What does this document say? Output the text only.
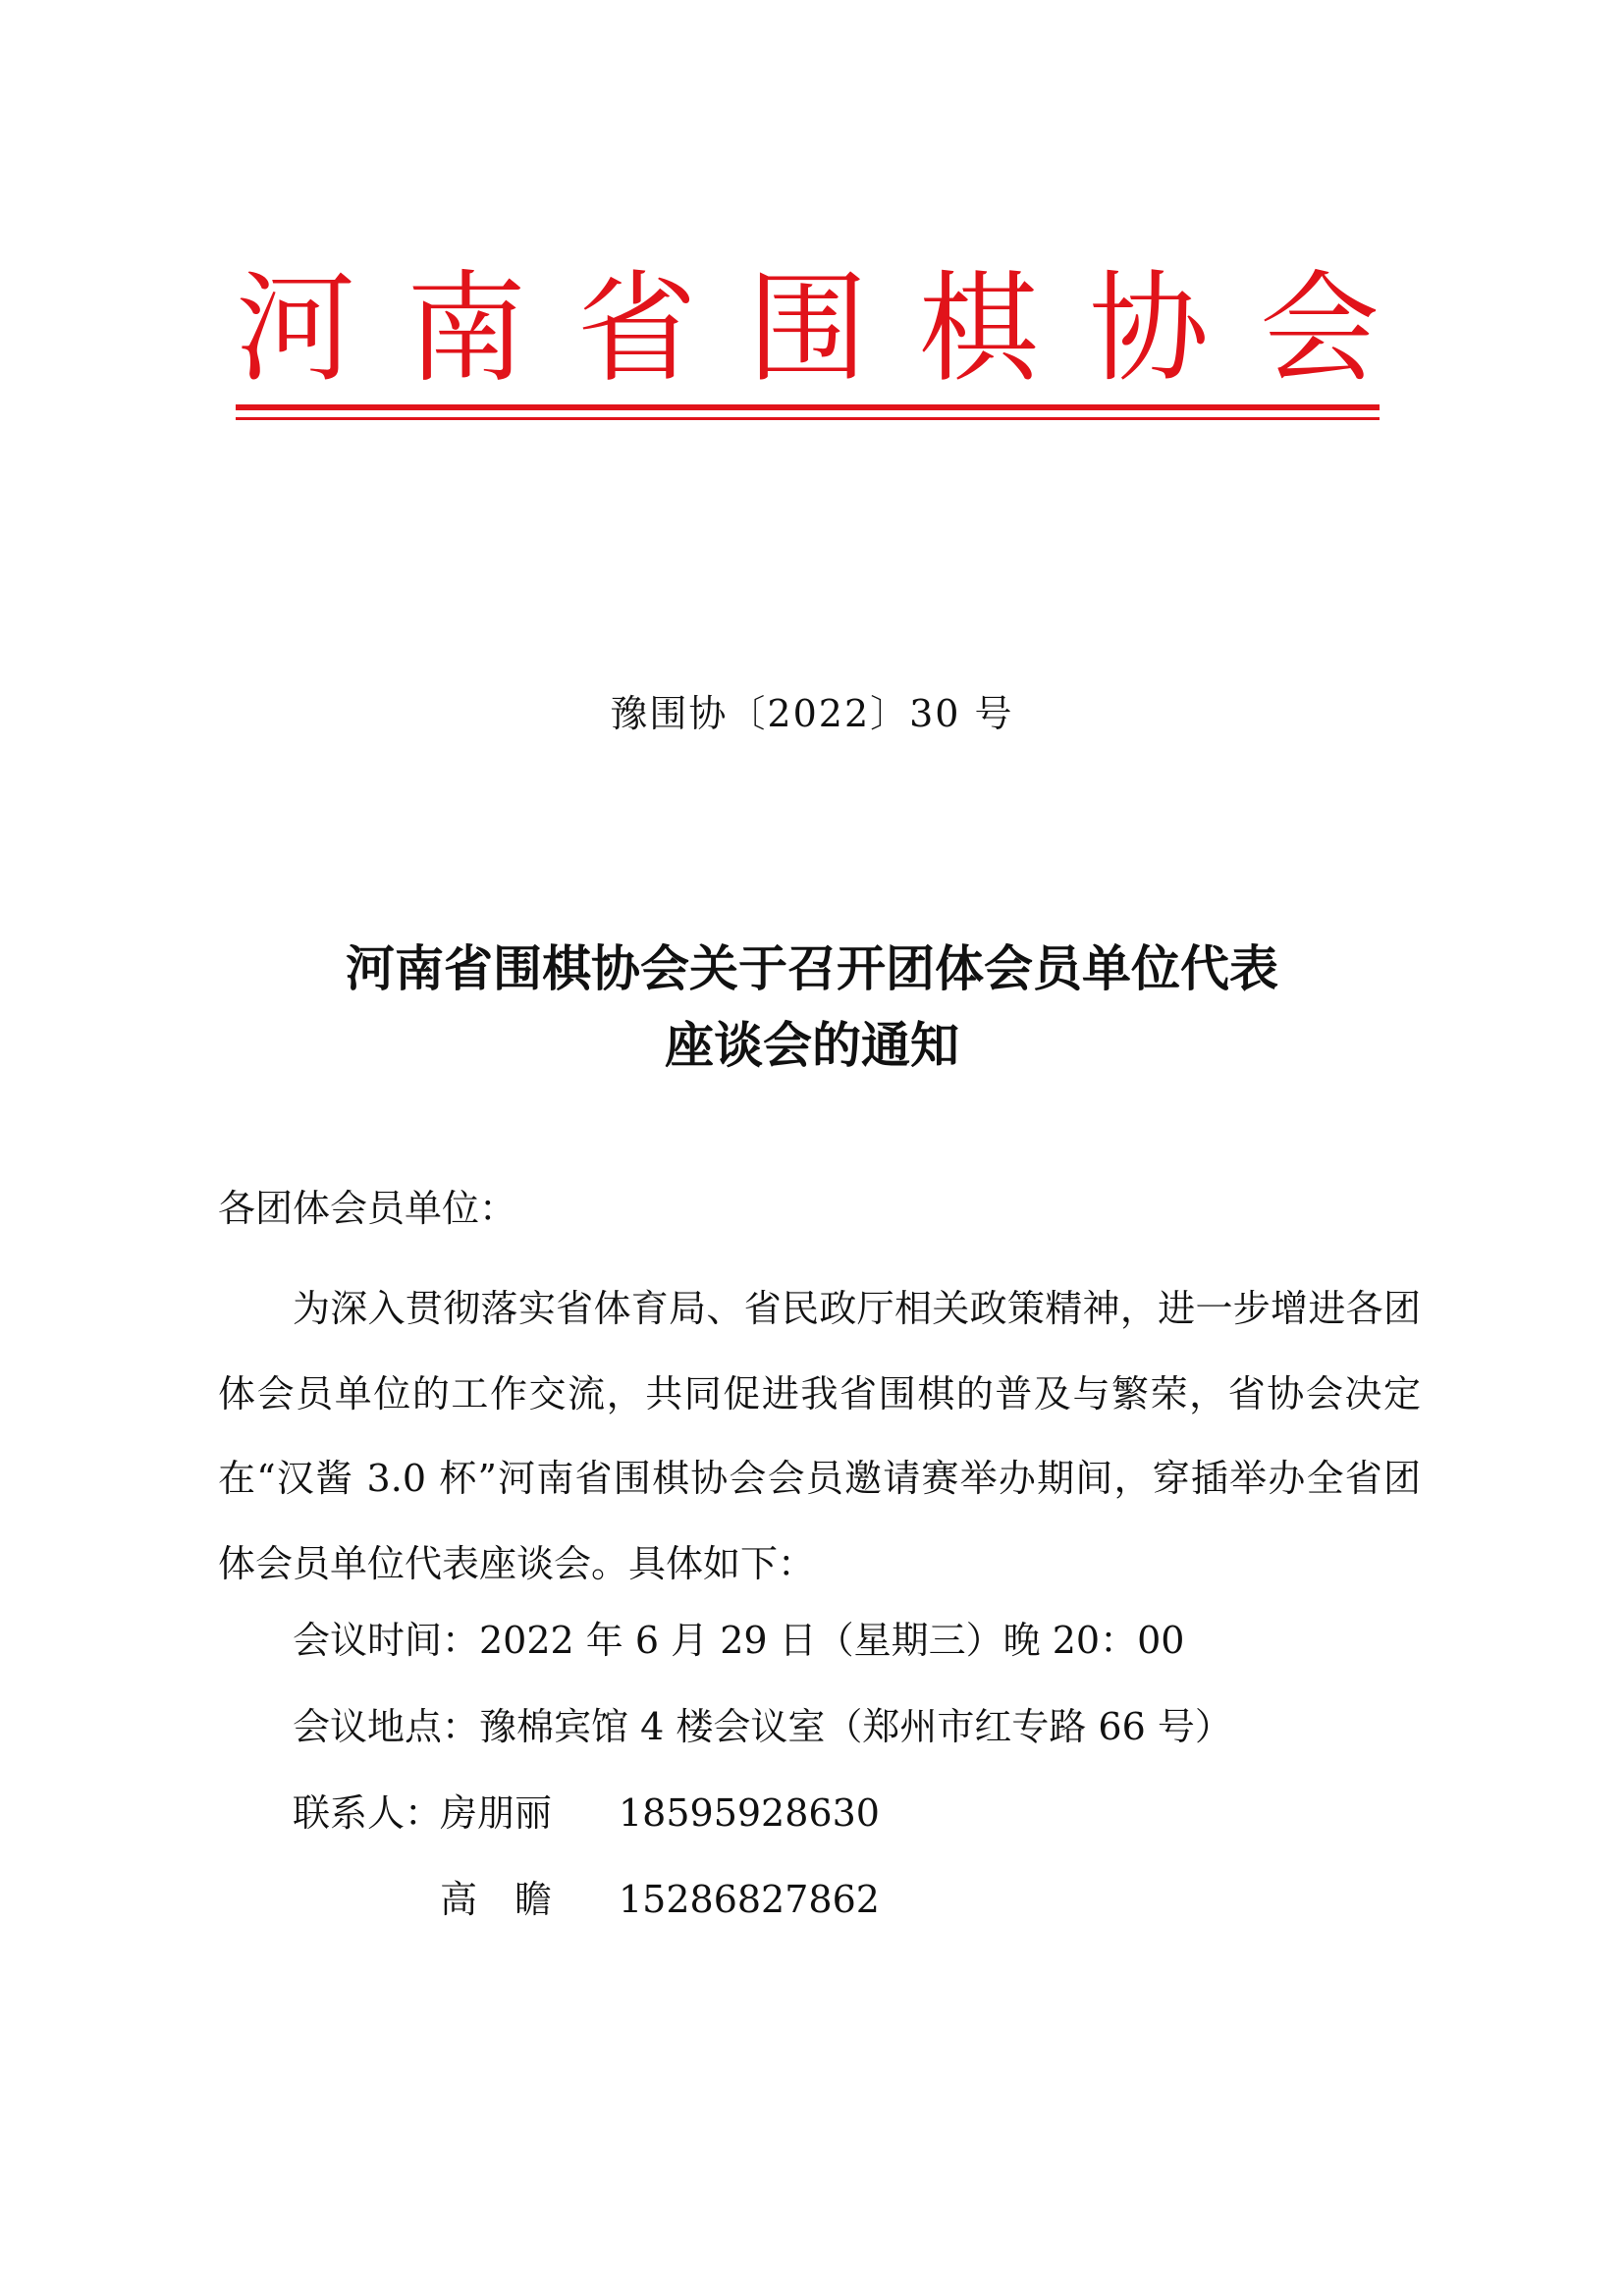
河 南 省 围 棋 协 会
豫围协〔2022〕30 号
河南省围棋协会关于召开团体会员单位代表
座谈会的通知
各团体会员单位：
为深入贯彻落实省体育局、省民政厅相关政策精神，进一步增进各团体会员单位的工作交流，共同促进我省围棋的普及与繁荣，省协会决定在“汉酱 3.0 杯”河南省围棋协会会员邀请赛举办期间，穿插举办全省团体会员单位代表座谈会。具体如下：
会议时间：2022 年 6 月 29 日（星期三）晚 20：00
会议地点：豫棉宾馆 4 楼会议室（郑州市红专路 66 号）
联系人：房朋丽 18595928630
高　瞻 15286827862
